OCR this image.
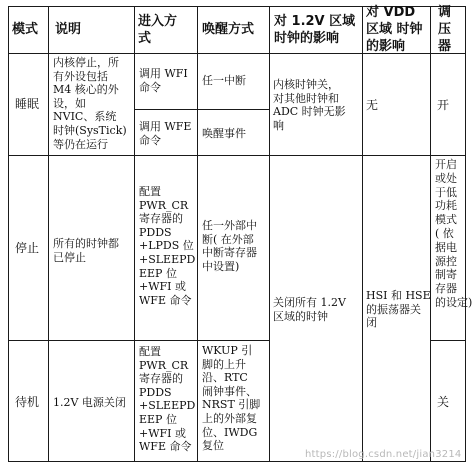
模式 说明
进入方
式
唤醒方式
对 1.2V 区域
时钟的影响
对 VDD
区域 时钟
的影响
调
压
器
睡眠
内核停止，所
有外设包括
M4 核心的外
设，如
NVIC、系统
时钟(SysTick)
等仍在运行
调用 WFI
命令
任一中断
调用 WFE
命令
唤醒事件
内核时钟关，
对其他时钟和
ADC 时钟无影
响
无	开
停止 所有的时钟都
已停止
配置
PWR_CR
寄存器的
PDDS
+LPDS 位
+SLEEPD
EEP 位
+WFI 或
WFE 命令
任一外部中
断( 在外部
中断寄存器
中设置)
开启
或处
于低
功耗
模式
( 依
据电
源控
制寄
存器
的设定)
关闭所有 1.2V
区域的时钟
HSI 和 HSE
的振荡器关
闭
待机 1.2V 电源关闭
配置
PWR_CR
寄存器的
PDDS
+SLEEPD
EEP 位
+WFI 或
WFE 命令
WKUP 引
脚的上升
沿、RTC
闹钟事件、
NRST 引脚
上的外部复
位、IWDG
复位
关
https://blog.csdn.net/jian3214
